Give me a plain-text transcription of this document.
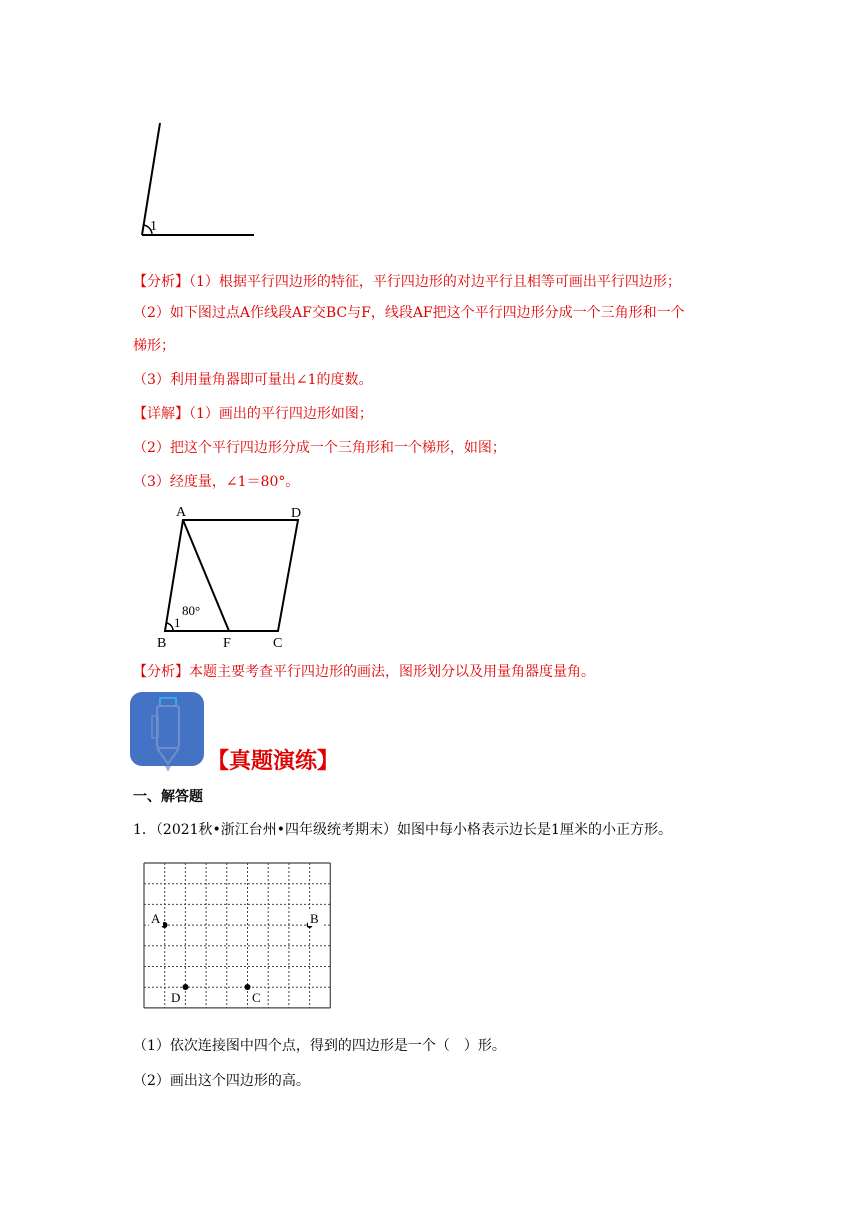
1
【分析】（1）根据平行四边形的特征，平行四边形的对边平行且相等可画出平行四边形；
（2）如下图过点A作线段AF交BC与F，线段AF把这个平行四边形分成一个三角形和一个
梯形；
（3）利用量角器即可量出∠1的度数。
【详解】（1）画出的平行四边形如图；
（2）把这个平行四边形分成一个三角形和一个梯形，如图；
（3）经度量，∠1＝80°。
A	D
B	F	C
1
80°
【分析】本题主要考查平行四边形的画法，图形划分以及用量角器度量角。
【真题演练】
一、解答题
1．（2021秋•浙江台州•四年级统考期末）如图中每小格表示边长是1厘米的小正方形。
A	B
D	C
（1）依次连接图中四个点，得到的四边形是一个（　）形。
（2）画出这个四边形的高。
